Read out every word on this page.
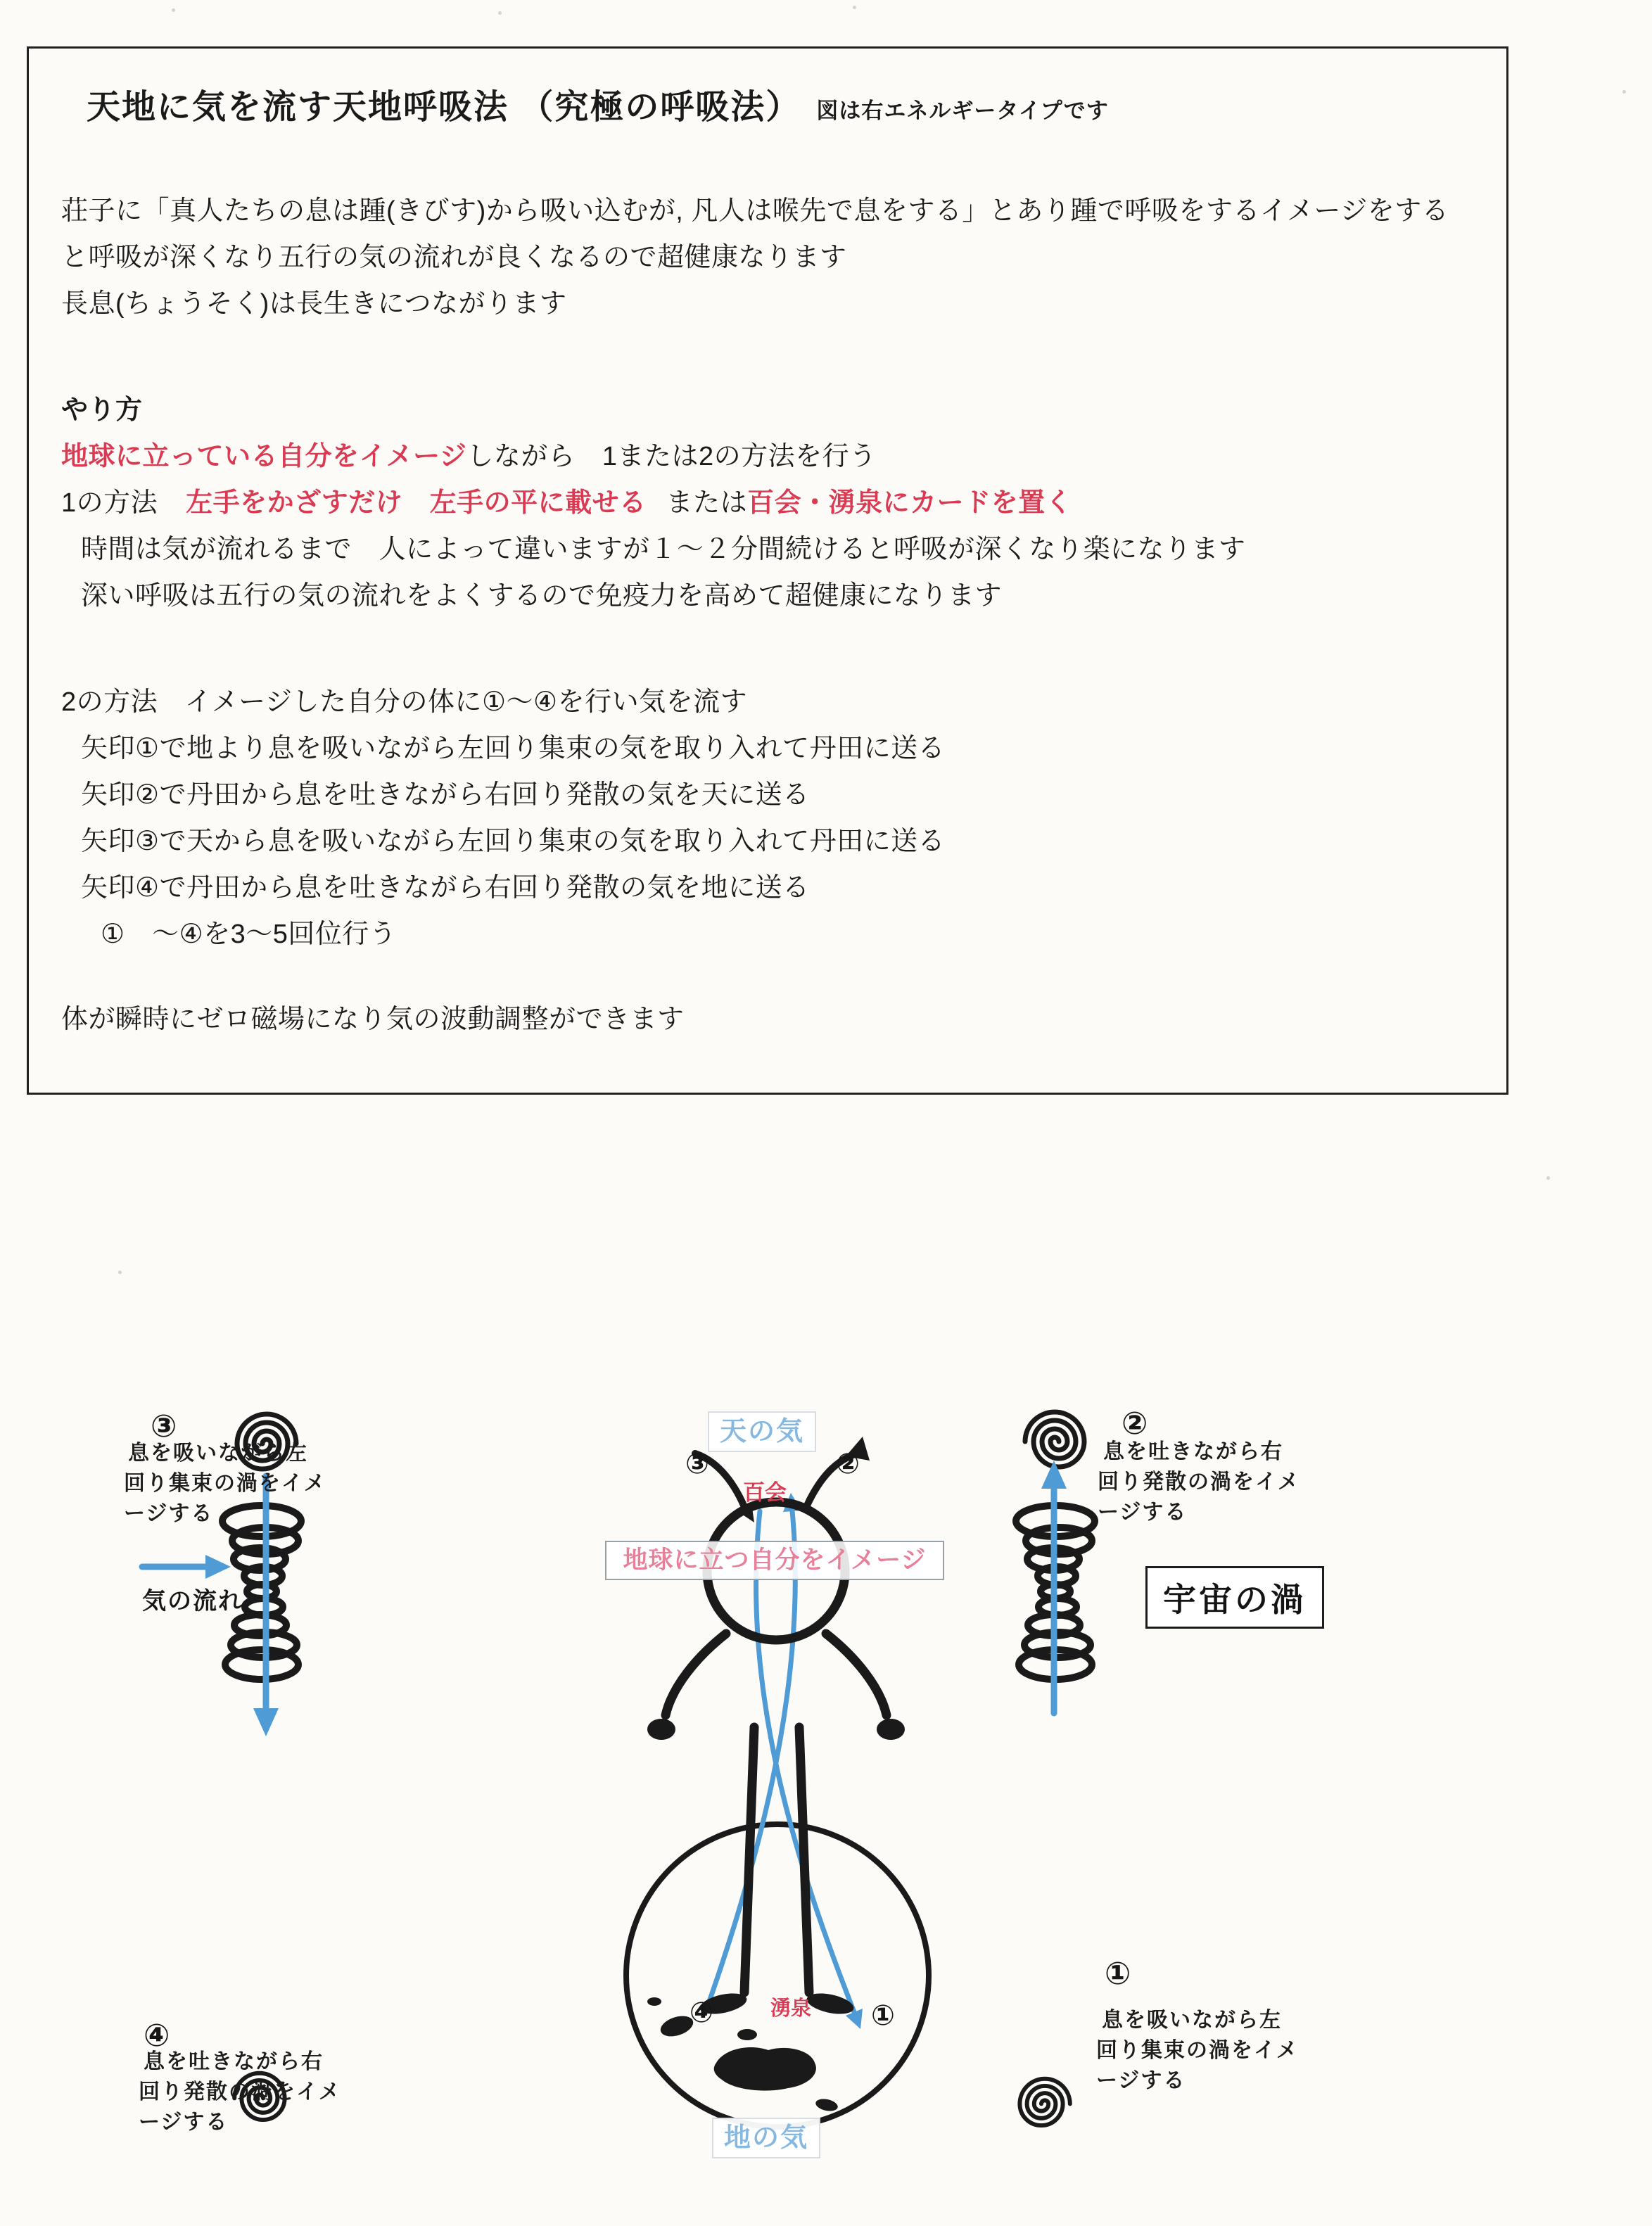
天地に気を流す天地呼吸法 （究極の呼吸法） 図は右エネルギータイプです
荘子に「真人たちの息は踵(きびす)から吸い込むが, 凡人は喉先で息をする」とあり踵で呼吸をするイメージをする
と呼吸が深くなり五行の気の流れが良くなるので超健康なります
長息(ちょうそく)は長生きにつながります
やり方
地球に立っている自分をイメージしながら　1または2の方法を行う
1の方法 左手をかざすだけ　左手の平に載せる または百会・湧泉にカードを置く
時間は気が流れるまで　人によって違いますが１～２分間続けると呼吸が深くなり楽になります
深い呼吸は五行の気の流れをよくするので免疫力を高めて超健康になります
2の方法　イメージした自分の体に①～④を行い気を流す
矢印①で地より息を吸いながら左回り集束の気を取り入れて丹田に送る
矢印②で丹田から息を吐きながら右回り発散の気を天に送る
矢印③で天から息を吸いながら左回り集束の気を取り入れて丹田に送る
矢印④で丹田から息を吐きながら右回り発散の気を地に送る
①　～④を3～5回位行う
体が瞬時にゼロ磁場になり気の波動調整ができます
③
息を吸いながら左
回り集束の渦をイメ
ージする
気の流れ
④
息を吐きながら右
回り発散の渦をイメ
ージする
天の気
③	②
百会
地球に立つ自分をイメージ
④	①
湧泉
地の気
宇宙の渦
②
息を吐きながら右
回り発散の渦をイメ
ージする
①
息を吸いながら左
回り集束の渦をイメ
ージする
